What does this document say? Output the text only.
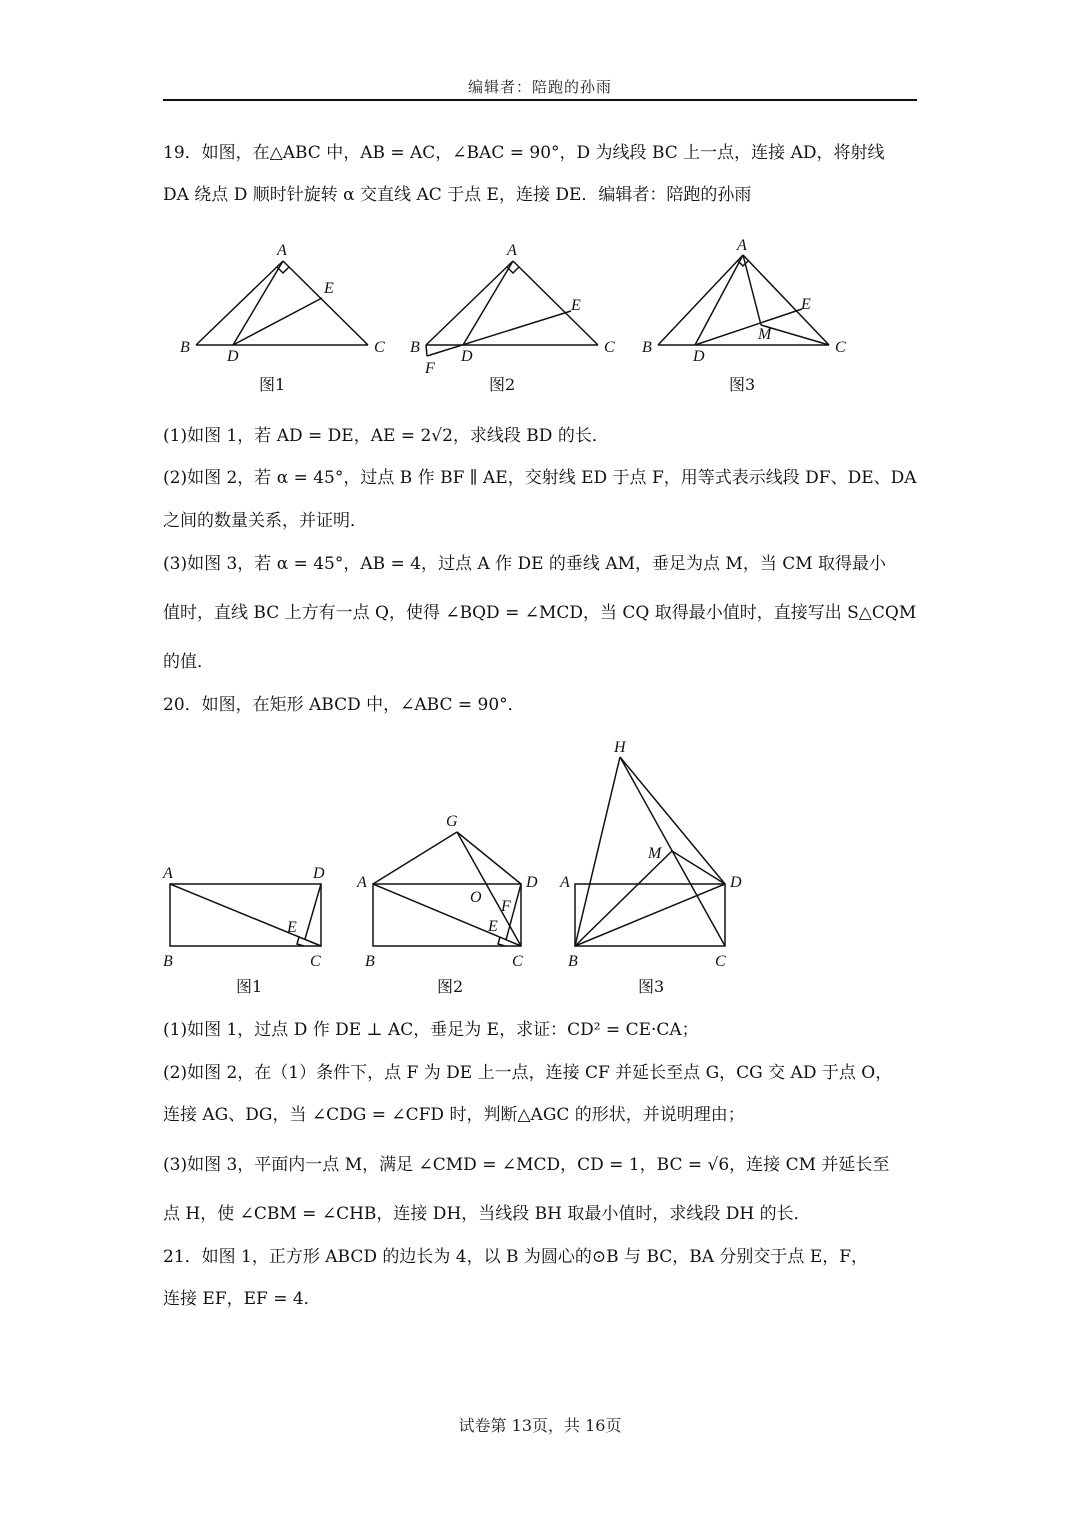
编辑者：陪跑的孙雨
19．如图，在△ABC 中，AB = AC，∠BAC = 90°，D 为线段 BC 上一点，连接 AD，将射线
DA 绕点 D 顺时针旋转 α 交直线 AC 于点 E，连接 DE．编辑者：陪跑的孙雨
A
B	C
D
E
图1
A
B	C
D
E
F
图2
A
B	C
D
E
M
图3
(1)如图 1，若 AD = DE，AE = 2√2，求线段 BD 的长．
(2)如图 2，若 α = 45°，过点 B 作 BF ∥ AE，交射线 ED 于点 F，用等式表示线段 DF、DE、DA
之间的数量关系，并证明．
(3)如图 3，若 α = 45°，AB = 4，过点 A 作 DE 的垂线 AM，垂足为点 M，当 CM 取得最小
值时，直线 BC 上方有一点 Q，使得 ∠BQD = ∠MCD，当 CQ 取得最小值时，直接写出 S△CQM
的值．
20．如图，在矩形 ABCD 中，∠ABC = 90°．
A
B	C
D
E
图1
A
B	C
D
E
F
G
O
图2
A
B	C
D
H
M
图3
(1)如图 1，过点 D 作 DE ⊥ AC，垂足为 E，求证：CD² = CE·CA；
(2)如图 2，在（1）条件下，点 F 为 DE 上一点，连接 CF 并延长至点 G，CG 交 AD 于点 O，
连接 AG、DG，当 ∠CDG = ∠CFD 时，判断△AGC 的形状，并说明理由；
(3)如图 3，平面内一点 M，满足 ∠CMD = ∠MCD，CD = 1，BC = √6，连接 CM 并延长至
点 H，使 ∠CBM = ∠CHB，连接 DH，当线段 BH 取最小值时，求线段 DH 的长．
21．如图 1，正方形 ABCD 的边长为 4，以 B 为圆心的⊙B 与 BC，BA 分别交于点 E，F，
连接 EF，EF = 4．
试卷第 13页，共 16页
